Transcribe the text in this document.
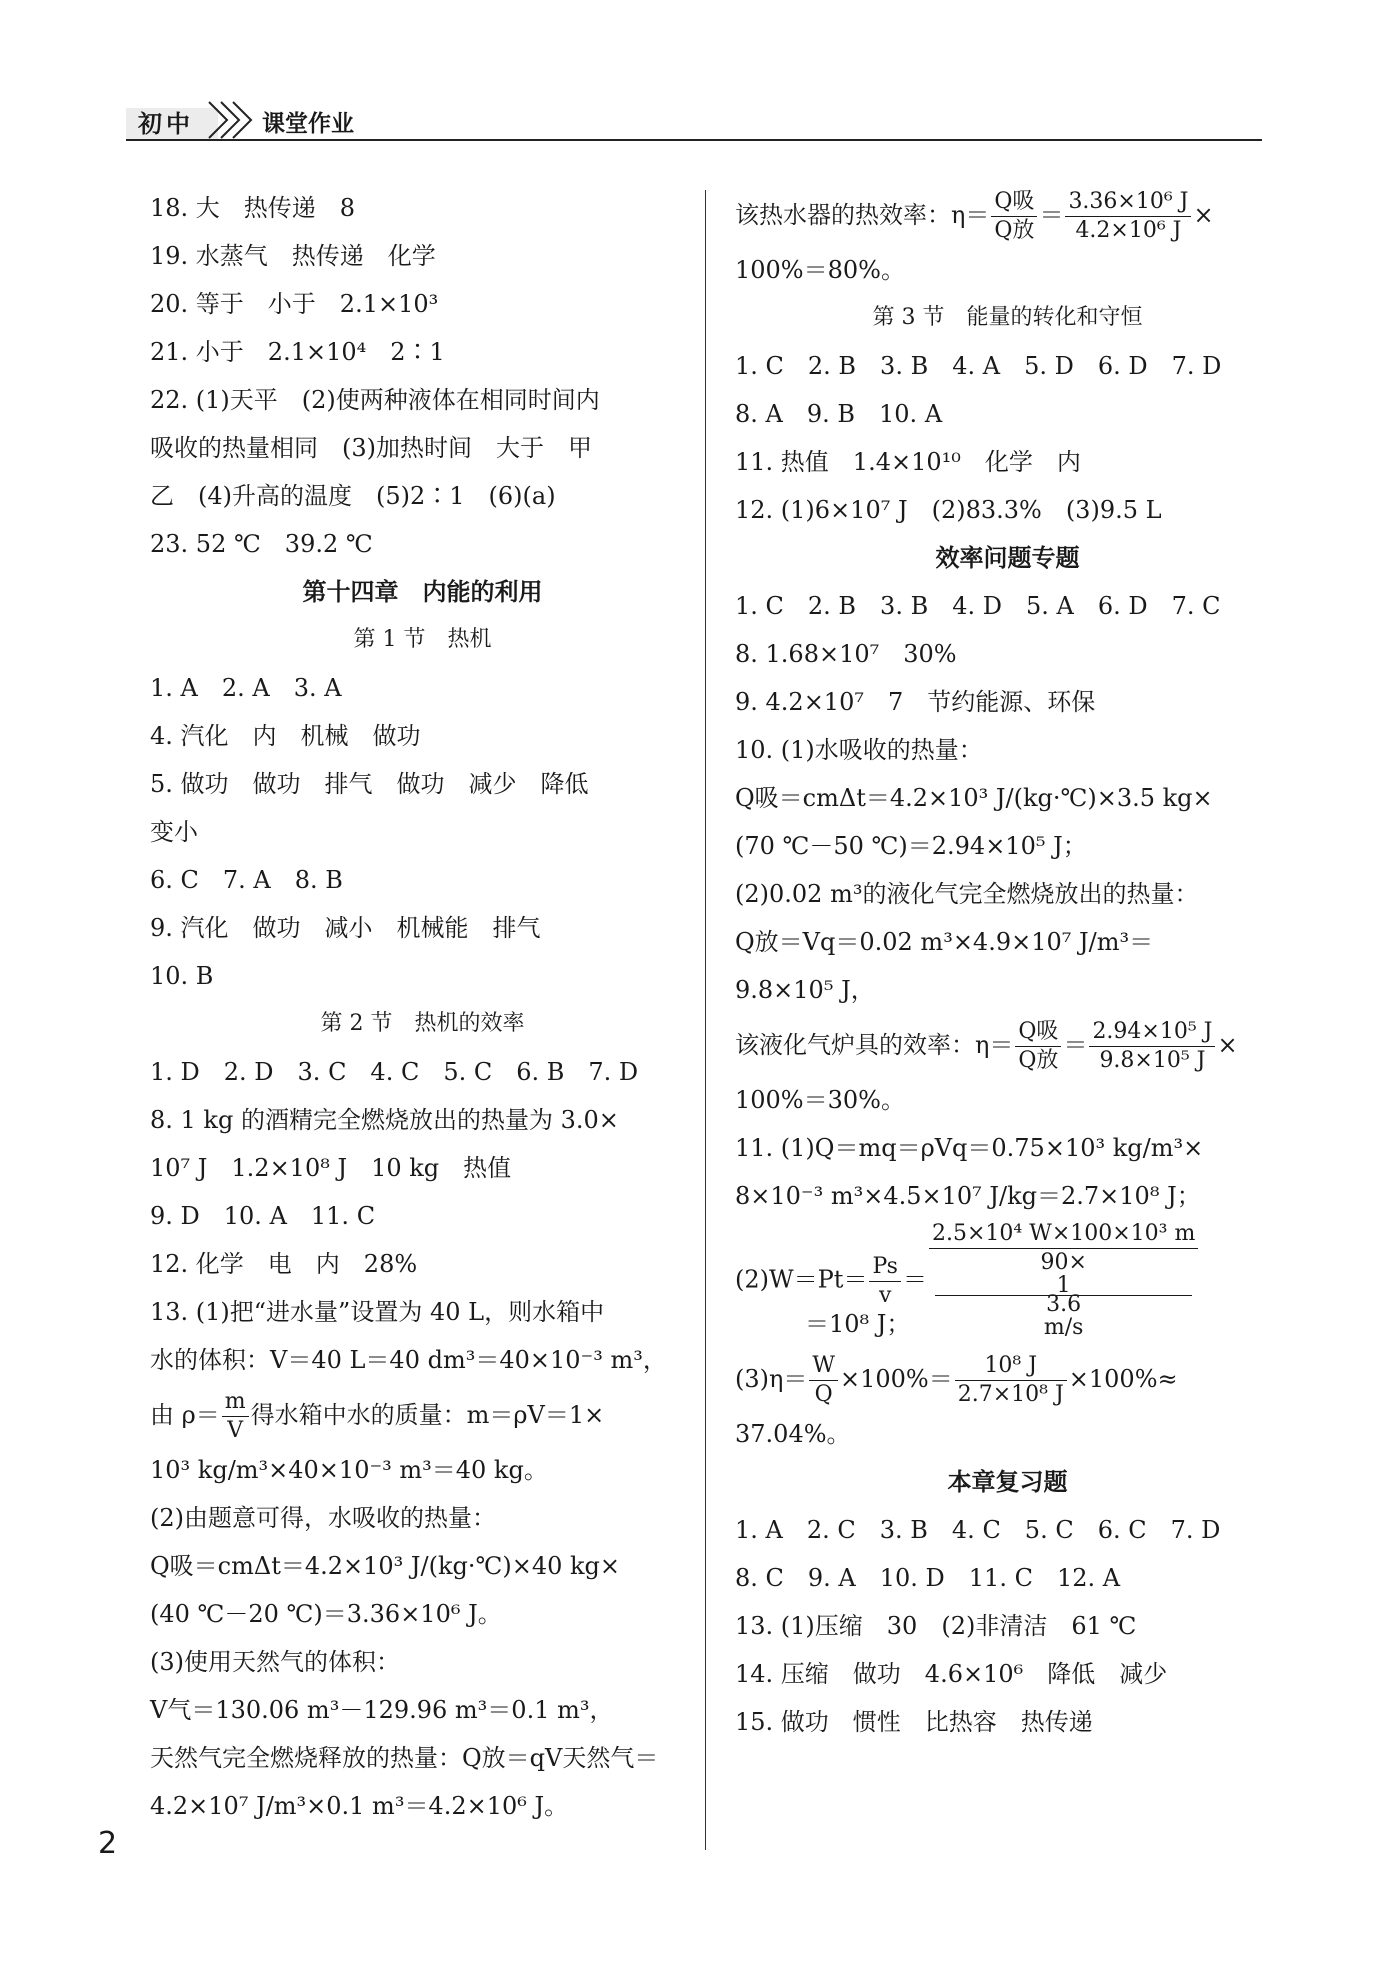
初中	课堂作业
18. 大　热传递　8
19. 水蒸气　热传递　化学
20. 等于　小于　2.1×10³
21. 小于　2.1×10⁴　2∶1
22. (1)天平　(2)使两种液体在相同时间内
吸收的热量相同　(3)加热时间　大于　甲
乙　(4)升高的温度　(5)2∶1　(6)(a)
23. 52 ℃　39.2 ℃
第十四章　内能的利用
第 1 节　热机
1. A　2. A　3. A
4. 汽化　内　机械　做功
5. 做功　做功　排气　做功　减少　降低
变小
6. C　7. A　8. B
9. 汽化　做功　减小　机械能　排气
10. B
第 2 节　热机的效率
1. D　2. D　3. C　4. C　5. C　6. B　7. D
8. 1 kg 的酒精完全燃烧放出的热量为 3.0×
10⁷ J　1.2×10⁸ J　10 kg　热值
9. D　10. A　11. C
12. 化学　电　内　28%
13. (1)把“进水量”设置为 40 L，则水箱中
水的体积：V＝40 L＝40 dm³＝40×10⁻³ m³，
由 $\rho= \frac{m}{V}$ 得水箱中水的质量：m＝ρV＝1×
10³ kg/m³×40×10⁻³ m³＝40 kg。
(2)由题意可得，水吸收的热量：
Q吸＝cmΔt＝4.2×10³ J/(kg·℃)×40 kg×
(40 ℃－20 ℃)＝3.36×10⁶ J。
(3)使用天然气的体积：
V气＝130.06 m³－129.96 m³＝0.1 m³，
天然气完全燃烧释放的热量：Q放＝qV天然气＝
4.2×10⁷ J/m³×0.1 m³＝4.2×10⁶ J。
该热水器的热效率：$\eta= \frac{\text{Q吸}}{\text{Q放}} = \frac{\text{3.36×10⁶ J}}{\text{4.2×10⁶ J}}$ ×
100%＝80%。
第 3 节　能量的转化和守恒
1. C　2. B　3. B　4. A　5. D　6. D　7. D
8. A　9. B　10. A
11. 热值　1.4×10¹⁰　化学　内
12. (1)6×10⁷ J　(2)83.3%　(3)9.5 L
效率问题专题
1. C　2. B　3. B　4. D　5. A　6. D　7. C
8. 1.68×10⁷　30%
9. 4.2×10⁷　7　节约能源、环保
10. (1)水吸收的热量：
Q吸＝cmΔt＝4.2×10³ J/(kg·℃)×3.5 kg×
(70 ℃－50 ℃)＝2.94×10⁵ J；
(2)0.02 m³的液化气完全燃烧放出的热量：
Q放＝Vq＝0.02 m³×4.9×10⁷ J/m³＝
9.8×10⁵ J，
该液化气炉具的效率：$\eta= \frac{\text{Q吸}}{\text{Q放}} = \frac{\text{2.94×10⁵ J}}{\text{9.8×10⁵ J}}$ ×
100%＝30%。
11. (1)Q＝mq＝ρVq＝0.75×10³ kg/m³×
8×10⁻³ m³×4.5×10⁷ J/kg＝2.7×10⁸ J；
$(2)W=Pt= \frac{Ps}{v} = 2.5\times 10^4$ W×100×10³ m
90×
1
3.6
m/s
＝10⁸ J；
$(3)\eta= \frac{W}{Q} \times 100\%= \frac{\text{10⁸ J}}{\text{2.7×10⁸ J}} \times 100\%\approx$
37.04%。
本章复习题
1. A　2. C　3. B　4. C　5. C　6. C　7. D
8. C　9. A　10. D　11. C　12. A
13. (1)压缩　30　(2)非清洁　61 ℃
14. 压缩　做功　4.6×10⁶　降低　减少
15. 做功　惯性　比热容　热传递
2
